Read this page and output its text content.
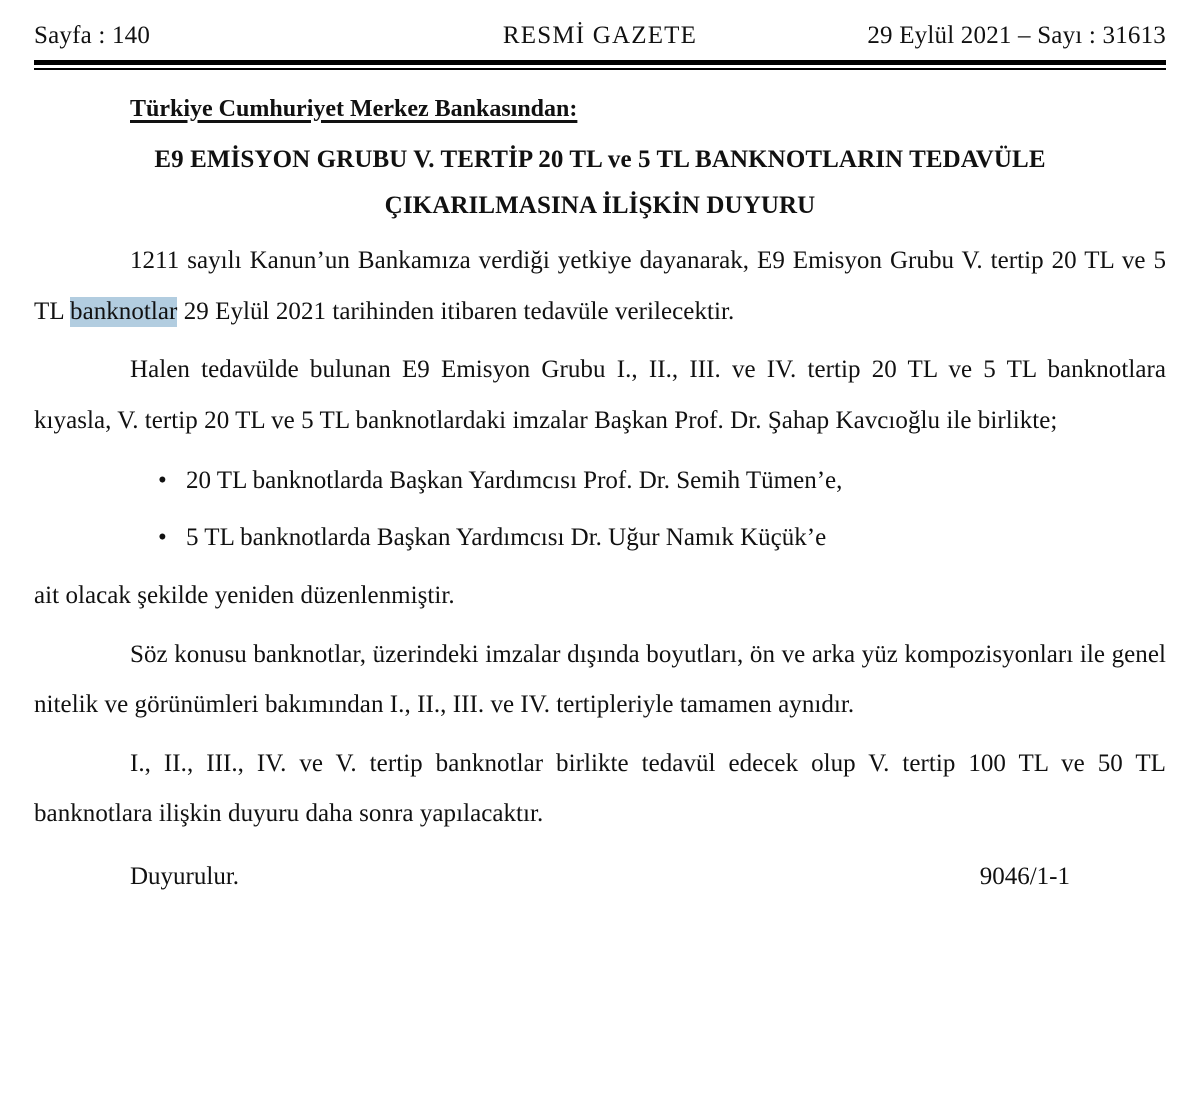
Sayfa : 140	RESMİ GAZETE	29 Eylül 2021 – Sayı : 31613

Türkiye Cumhuriyet Merkez Bankasından:

E9 EMİSYON GRUBU V. TERTİP 20 TL ve 5 TL BANKNOTLARIN TEDAVÜLE
ÇIKARILMASINA İLİŞKİN DUYURU

1211 sayılı Kanun’un Bankamıza verdiği yetkiye dayanarak, E9 Emisyon Grubu V. tertip 20 TL ve 5 TL banknotlar 29 Eylül 2021 tarihinden itibaren tedavüle verilecektir.

Halen tedavülde bulunan E9 Emisyon Grubu I., II., III. ve IV. tertip 20 TL ve 5 TL banknotlara kıyasla, V. tertip 20 TL ve 5 TL banknotlardaki imzalar Başkan Prof. Dr. Şahap Kavcıoğlu ile birlikte;

• 20 TL banknotlarda Başkan Yardımcısı Prof. Dr. Semih Tümen’e,
• 5 TL banknotlarda Başkan Yardımcısı Dr. Uğur Namık Küçük’e

ait olacak şekilde yeniden düzenlenmiştir.

Söz konusu banknotlar, üzerindeki imzalar dışında boyutları, ön ve arka yüz kompozisyonları ile genel nitelik ve görünümleri bakımından I., II., III. ve IV. tertipleriyle tamamen aynıdır.

I., II., III., IV. ve V. tertip banknotlar birlikte tedavül edecek olup V. tertip 100 TL ve 50 TL banknotlara ilişkin duyuru daha sonra yapılacaktır.

Duyurulur.	9046/1-1
